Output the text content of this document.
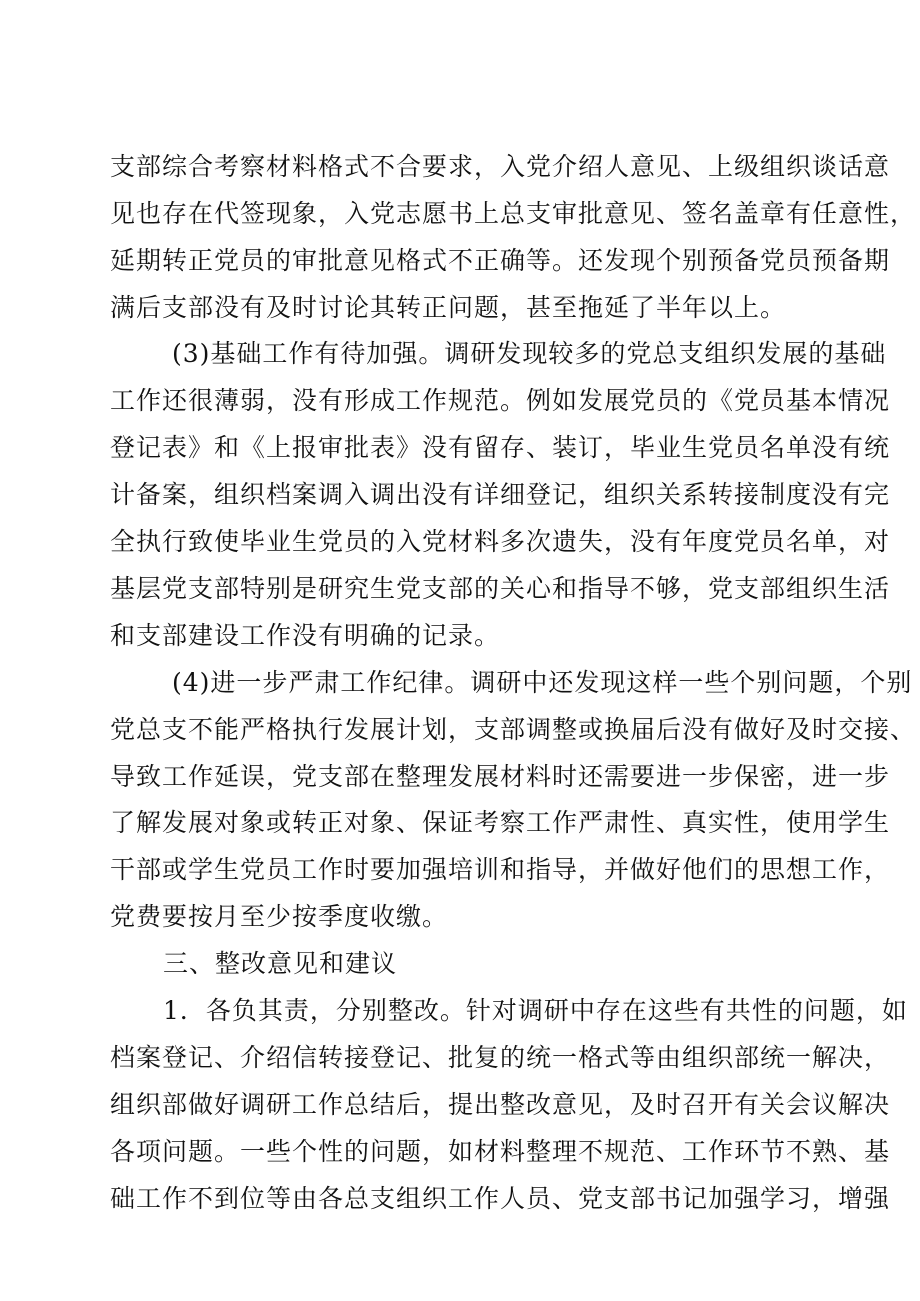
支部综合考察材料格式不合要求，入党介绍人意见、上级组织谈话意
见也存在代签现象，入党志愿书上总支审批意见、签名盖章有任意性，
延期转正党员的审批意见格式不正确等。还发现个别预备党员预备期
满后支部没有及时讨论其转正问题，甚至拖延了半年以上。
(3)基础工作有待加强。调研发现较多的党总支组织发展的基础
工作还很薄弱，没有形成工作规范。例如发展党员的《党员基本情况
登记表》和《上报审批表》没有留存、装订，毕业生党员名单没有统
计备案，组织档案调入调出没有详细登记，组织关系转接制度没有完
全执行致使毕业生党员的入党材料多次遗失，没有年度党员名单，对
基层党支部特别是研究生党支部的关心和指导不够，党支部组织生活
和支部建设工作没有明确的记录。
(4)进一步严肃工作纪律。调研中还发现这样一些个别问题，个别
党总支不能严格执行发展计划，支部调整或换届后没有做好及时交接、
导致工作延误，党支部在整理发展材料时还需要进一步保密，进一步
了解发展对象或转正对象、保证考察工作严肃性、真实性，使用学生
干部或学生党员工作时要加强培训和指导，并做好他们的思想工作，
党费要按月至少按季度收缴。
三、整改意见和建议
1．各负其责，分别整改。针对调研中存在这些有共性的问题，如
档案登记、介绍信转接登记、批复的统一格式等由组织部统一解决，
组织部做好调研工作总结后，提出整改意见，及时召开有关会议解决
各项问题。一些个性的问题，如材料整理不规范、工作环节不熟、基
础工作不到位等由各总支组织工作人员、党支部书记加强学习，增强
